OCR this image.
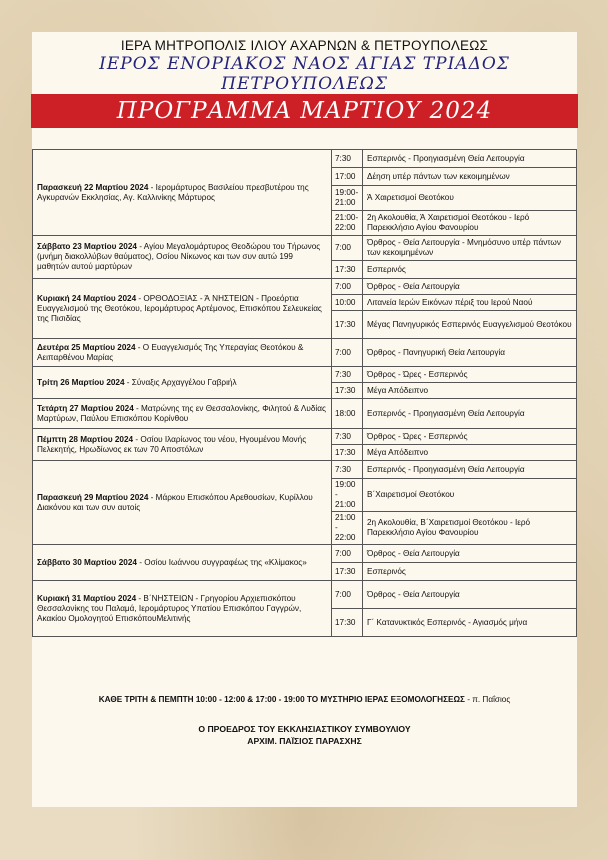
ΙΕΡΑ ΜΗΤΡΟΠΟΛΙΣ ΙΛΙΟΥ ΑΧΑΡΝΩΝ & ΠΕΤΡΟΥΠΟΛΕΩΣ
ΙΕΡΟΣ ΕΝΟΡΙΑΚΟΣ ΝΑΟΣ ΑΓΙΑΣ ΤΡΙΑΔΟΣ ΠΕΤΡΟΥΠΟΛΕΩΣ
ΠΡΟΓΡΑΜΜΑ ΜΑΡΤΙΟΥ 2024
Παρασκευή 22 Μαρτίου 2024 - Ιερομάρτυρος Βασιλείου πρεσβυτέρου της Αγκυρανών Εκκλησίας, Αγ. Καλλινίκης Μάρτυρος	7:30	Εσπερινός - Προηγιασμένη Θεία Λειτουργία
	17:00	Δέηση υπέρ πάντων των κεκοιμημένων
	19:00-21:00	Ά Χαιρετισμοί Θεοτόκου
	21:00-22:00	2η Ακολουθία, Ά Χαιρετισμοί Θεοτόκου - Ιερό Παρεκκλήσιο Αγίου Φανουρίου
Σάββατο 23 Μαρτίου 2024 - Αγίου Μεγαλομάρτυρος Θεοδώρου του Τήρωνος (μνήμη διακολλύβων θαύματος), Οσίου Νίκωνος και των συν αυτώ 199 μαθητών αυτού μαρτύρων	7:00	Όρθρος - Θεία Λειτουργία - Μνημόσυνο υπέρ πάντων των κεκοιμημένων
	17:30	Εσπερινός
Κυριακή 24 Μαρτίου 2024 - ΟΡΘΟΔΟΞΙΑΣ - Ά ΝΗΣΤΕΙΩΝ - Προεόρτια Ευαγγελισμού της Θεοτόκου, Ιερομάρτυρος Αρτέμονος, Επισκόπου Σελευκείας της Πισιδίας	7:00	Όρθρος - Θεία Λειτουργία
	10:00	Λιτανεία Ιερών Εικόνων πέριξ του Ιερού Ναού
	17:30	Μέγας Πανηγυρικός Εσπερινός Ευαγγελισμού Θεοτόκου
Δευτέρα 25 Μαρτίου 2024 - Ο Ευαγγελισμός Της Υπεραγίας Θεοτόκου & Αειπαρθένου Μαρίας	7:00	Όρθρος - Πανηγυρική Θεία Λειτουργία
Τρίτη 26 Μαρτίου 2024 - Σύναξις Αρχαγγέλου Γαβριήλ	7:30	Όρθρος - Ώρες - Εσπερινός
	17:30	Μέγα Απόδειπνο
Τετάρτη 27 Μαρτίου 2024 - Ματρώνης της εν Θεσσαλονίκης, Φιλητού & Λυδίας Μαρτύρων, Παύλου Επισκόπου Κορίνθου	18:00	Εσπερινός - Προηγιασμένη Θεία Λειτουργία
Πέμπτη 28 Μαρτίου 2024 - Οσίου Ιλαρίωνος του νέου, Ηγουμένου Μονής Πελεκητής, Ηρωδίωνος εκ των 70 Αποστόλων	7:30	Όρθρος - Ώρες - Εσπερινός
	17:30	Μέγα Απόδειπνο
Παρασκευή 29 Μαρτίου 2024 - Μάρκου Επισκόπου Αρεθουσίων, Κυρίλλου Διακόνου και των συν αυτοίς	7:30	Εσπερινός - Προηγιασμένη Θεία Λειτουργία
	19:00 - 21:00	Β΄Χαιρετισμοί Θεοτόκου
	21:00 - 22:00	2η Ακολουθία, Β΄Χαιρετισμοί Θεοτόκου - Ιερό Παρεκκλήσιο Αγίου Φανουρίου
Σάββατο 30 Μαρτίου 2024 - Οσίου Ιωάννου συγγραφέως της «Κλίμακος»	7:00	Όρθρος - Θεία Λειτουργία
	17:30	Εσπερινός
Κυριακή 31 Μαρτίου 2024 - Β΄ΝΗΣΤΕΙΩΝ - Γρηγορίου Αρχιεπισκόπου Θεσσαλονίκης του Παλαμά, Ιερομάρτυρος Υπατίου Επισκόπου Γαγγρών, Ακακίου Ομολογητού ΕπισκόπουΜελιτινής	7:00	Όρθρος - Θεία Λειτουργία
	17:30	Γ΄ Κατανυκτικός Εσπερινός - Αγιασμός μήνα
ΚΑΘΕ ΤΡΙΤΗ & ΠΕΜΠΤΗ 10:00 - 12:00 & 17:00 - 19:00 ΤΟ ΜΥΣΤΗΡΙΟ ΙΕΡΑΣ ΕΞΟΜΟΛΟΓΗΣΕΩΣ - π. Παΐσιος
Ο ΠΡΟΕΔΡΟΣ ΤΟΥ ΕΚΚΛΗΣΙΑΣΤΙΚΟΥ ΣΥΜΒΟΥΛΙΟΥ
ΑΡΧΙΜ. ΠΑΪΣΙΟΣ ΠΑΡΑΣΧΗΣ
